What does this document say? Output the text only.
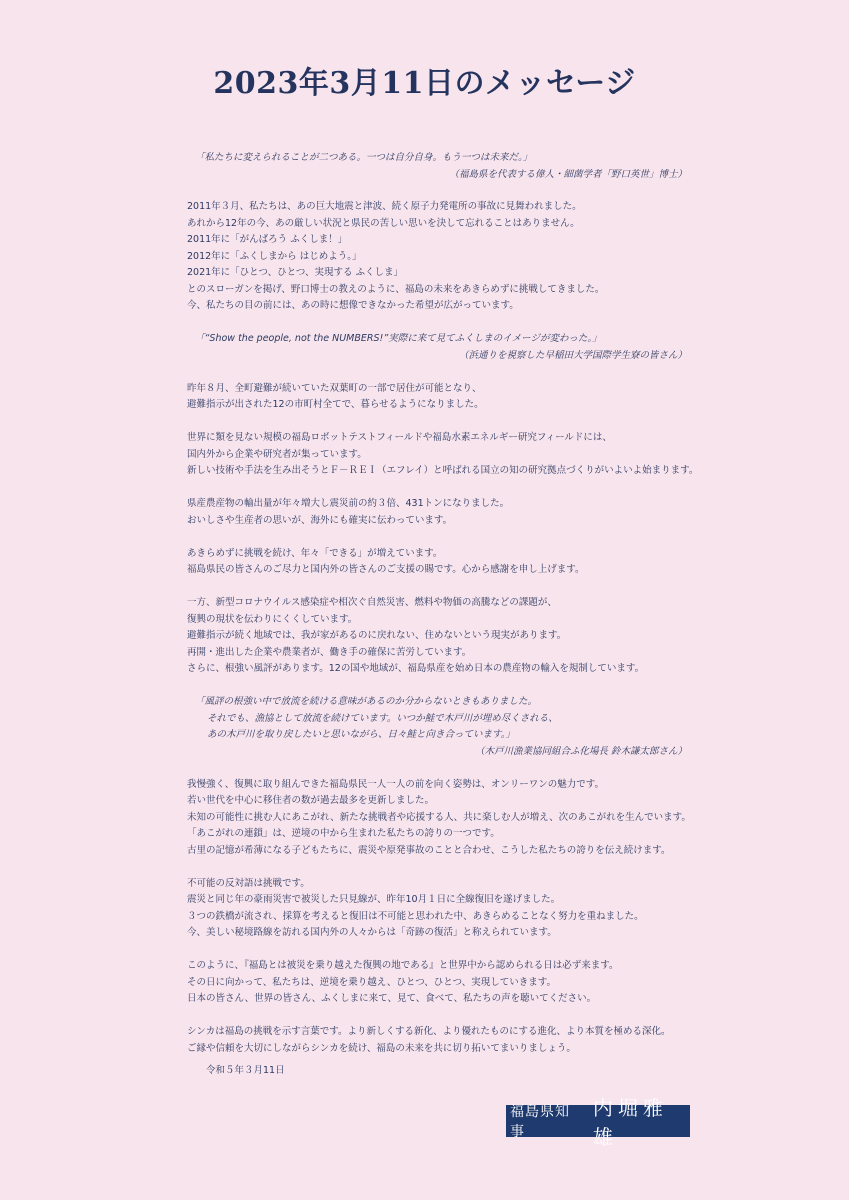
2023年3月11日のメッセージ
「私たちに変えられることが二つある。一つは自分自身。もう一つは未来だ。」
（福島県を代表する偉人・細菌学者「野口英世」博士）
2011年３月、私たちは、あの巨大地震と津波、続く原子力発電所の事故に見舞われました。
あれから12年の今、あの厳しい状況と県民の苦しい思いを決して忘れることはありません。
2011年に「がんばろう ふくしま！」
2012年に「ふくしまから はじめよう。」
2021年に「ひとつ、ひとつ、実現する ふくしま」
とのスローガンを掲げ、野口博士の教えのように、福島の未来をあきらめずに挑戦してきました。
今、私たちの目の前には、あの時に想像できなかった希望が広がっています。
「“Show the people, not the NUMBERS!”実際に来て見てふくしまのイメージが変わった。」
（浜通りを視察した早稲田大学国際学生寮の皆さん）
昨年８月、全町避難が続いていた双葉町の一部で居住が可能となり、
避難指示が出された12の市町村全てで、暮らせるようになりました。
世界に類を見ない規模の福島ロボットテストフィールドや福島水素エネルギー研究フィールドには、
国内外から企業や研究者が集っています。
新しい技術や手法を生み出そうとＦ－ＲＥＩ（エフレイ）と呼ばれる国立の知の研究拠点づくりがいよいよ始まります。
県産農産物の輸出量が年々増大し震災前の約３倍、431トンになりました。
おいしさや生産者の思いが、海外にも確実に伝わっています。
あきらめずに挑戦を続け、年々「できる」が増えています。
福島県民の皆さんのご尽力と国内外の皆さんのご支援の賜です。心から感謝を申し上げます。
一方、新型コロナウイルス感染症や相次ぐ自然災害、燃料や物価の高騰などの課題が、
復興の現状を伝わりにくくしています。
避難指示が続く地域では、我が家があるのに戻れない、住めないという現実があります。
再開・進出した企業や農業者が、働き手の確保に苦労しています。
さらに、根強い風評があります。12の国や地域が、福島県産を始め日本の農産物の輸入を規制しています。
「風評の根強い中で放流を続ける意味があるのか分からないときもありました。
それでも、漁協として放流を続けています。いつか鮭で木戸川が埋め尽くされる、
あの木戸川を取り戻したいと思いながら、日々鮭と向き合っています。」
（木戸川漁業協同組合ふ化場長 鈴木謙太郎さん）
我慢強く、復興に取り組んできた福島県民一人一人の前を向く姿勢は、オンリーワンの魅力です。
若い世代を中心に移住者の数が過去最多を更新しました。
未知の可能性に挑む人にあこがれ、新たな挑戦者や応援する人、共に楽しむ人が増え、次のあこがれを生んでいます。
「あこがれの連鎖」は、逆境の中から生まれた私たちの誇りの一つです。
古里の記憶が希薄になる子どもたちに、震災や原発事故のことと合わせ、こうした私たちの誇りを伝え続けます。
不可能の反対語は挑戦です。
震災と同じ年の豪雨災害で被災した只見線が、昨年10月１日に全線復旧を遂げました。
３つの鉄橋が流され、採算を考えると復旧は不可能と思われた中、あきらめることなく努力を重ねました。
今、美しい秘境路線を訪れる国内外の人々からは「奇跡の復活」と称えられています。
このように、『福島とは被災を乗り越えた復興の地である』と世界中から認められる日は必ず来ます。
その日に向かって、私たちは、逆境を乗り越え、ひとつ、ひとつ、実現していきます。
日本の皆さん、世界の皆さん、ふくしまに来て、見て、食べて、私たちの声を聴いてください。
シンカは福島の挑戦を示す言葉です。より新しくする新化、より優れたものにする進化、より本質を極める深化。
ご縁や信頼を大切にしながらシンカを続け、福島の未来を共に切り拓いてまいりましょう。
令和５年３月11日
福島県知事
内堀雅雄
